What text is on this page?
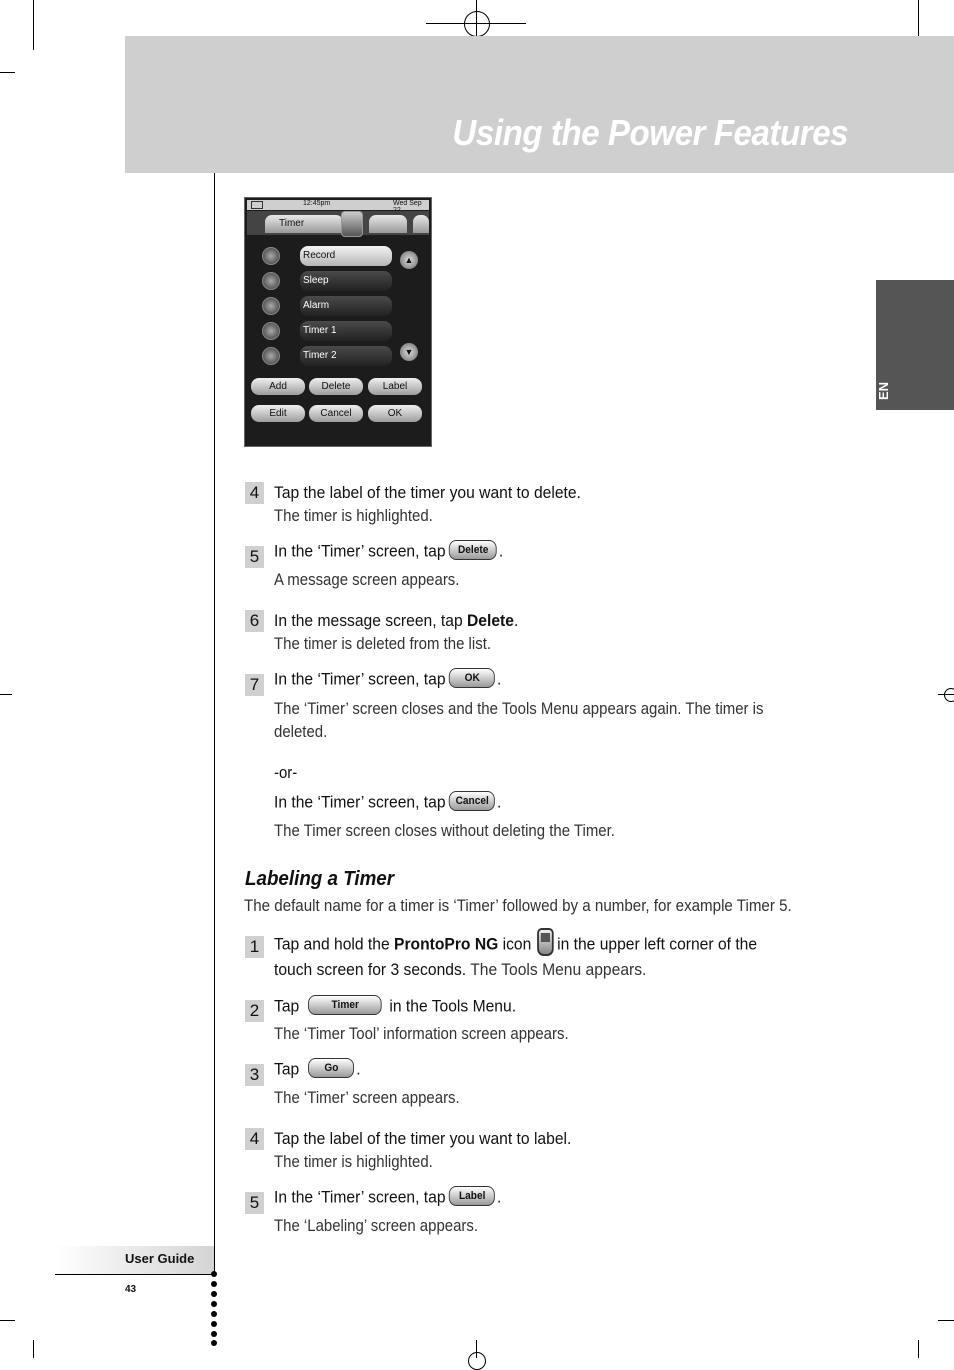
Using the Power Features
EN
12:45pm	Wed Sep
Timer
Record
Sleep
Alarm
Timer 1
Timer 2
▲
▼
Add	Delete	Label
Edit	Cancel	OK
4 Tap the label of the timer you want to delete.
The timer is highlighted.
5 In the ‘Timer’ screen, tap Delete .
A message screen appears.
6 In the message screen, tap Delete.
The timer is deleted from the list.
7 In the ‘Timer’ screen, tap OK .
The ‘Timer’ screen closes and the Tools Menu appears again. The timer is
deleted.
-or-
In the ‘Timer’ screen, tap Cancel .
The Timer screen closes without deleting the Timer.
Labeling a Timer
The default name for a timer is ‘Timer’ followed by a number, for example Timer 5.
1 Tap and hold the ProntoPro NG icon in the upper left corner of the
touch screen for 3 seconds. The Tools Menu appears.
2 Tap	Timer in the Tools Menu.
The ‘Timer Tool’ information screen appears.
3 Tap Go .
The ‘Timer’ screen appears.
4 Tap the label of the timer you want to label.
The timer is highlighted.
5 In the ‘Timer’ screen, tap Label .
The ‘Labeling’ screen appears.
User Guide
43
